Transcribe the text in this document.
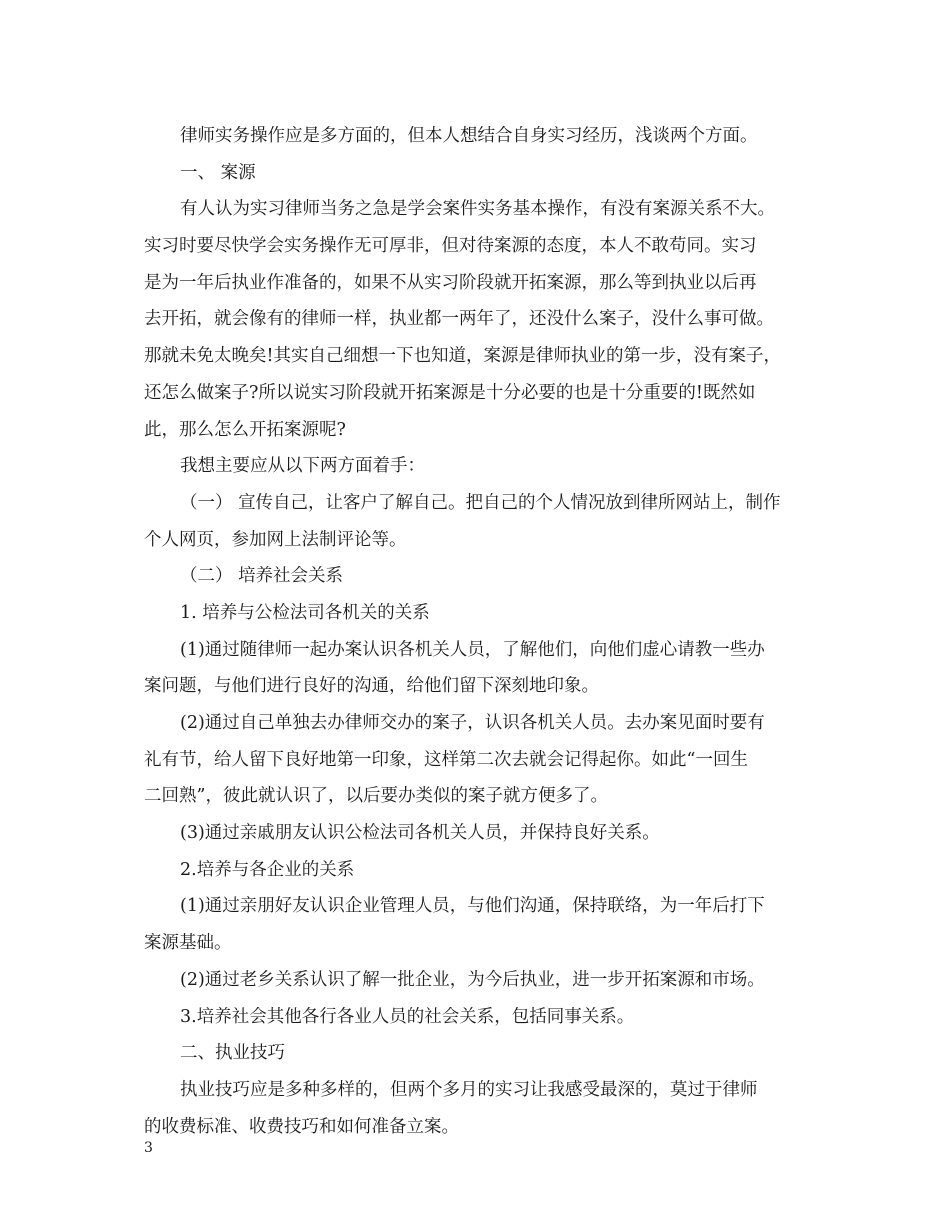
律师实务操作应是多方面的，但本人想结合自身实习经历，浅谈两个方面。
一、 案源
有人认为实习律师当务之急是学会案件实务基本操作，有没有案源关系不大。
实习时要尽快学会实务操作无可厚非，但对待案源的态度，本人不敢苟同。实习
是为一年后执业作准备的，如果不从实习阶段就开拓案源，那么等到执业以后再
去开拓，就会像有的律师一样，执业都一两年了，还没什么案子，没什么事可做。
那就未免太晚矣!其实自己细想一下也知道，案源是律师执业的第一步，没有案子，
还怎么做案子?所以说实习阶段就开拓案源是十分必要的也是十分重要的!既然如
此，那么怎么开拓案源呢?
我想主要应从以下两方面着手：
（一） 宣传自己，让客户了解自己。把自己的个人情况放到律所网站上，制作
个人网页，参加网上法制评论等。
（二） 培养社会关系
1. 培养与公检法司各机关的关系
(1)通过随律师一起办案认识各机关人员，了解他们，向他们虚心请教一些办
案问题，与他们进行良好的沟通，给他们留下深刻地印象。
(2)通过自己单独去办律师交办的案子，认识各机关人员。去办案见面时要有
礼有节，给人留下良好地第一印象，这样第二次去就会记得起你。如此“一回生
二回熟”，彼此就认识了，以后要办类似的案子就方便多了。
(3)通过亲戚朋友认识公检法司各机关人员，并保持良好关系。
2.培养与各企业的关系
(1)通过亲朋好友认识企业管理人员，与他们沟通，保持联络，为一年后打下
案源基础。
(2)通过老乡关系认识了解一批企业，为今后执业，进一步开拓案源和市场。
3.培养社会其他各行各业人员的社会关系，包括同事关系。
二、执业技巧
执业技巧应是多种多样的，但两个多月的实习让我感受最深的，莫过于律师
的收费标准、收费技巧和如何准备立案。
3
